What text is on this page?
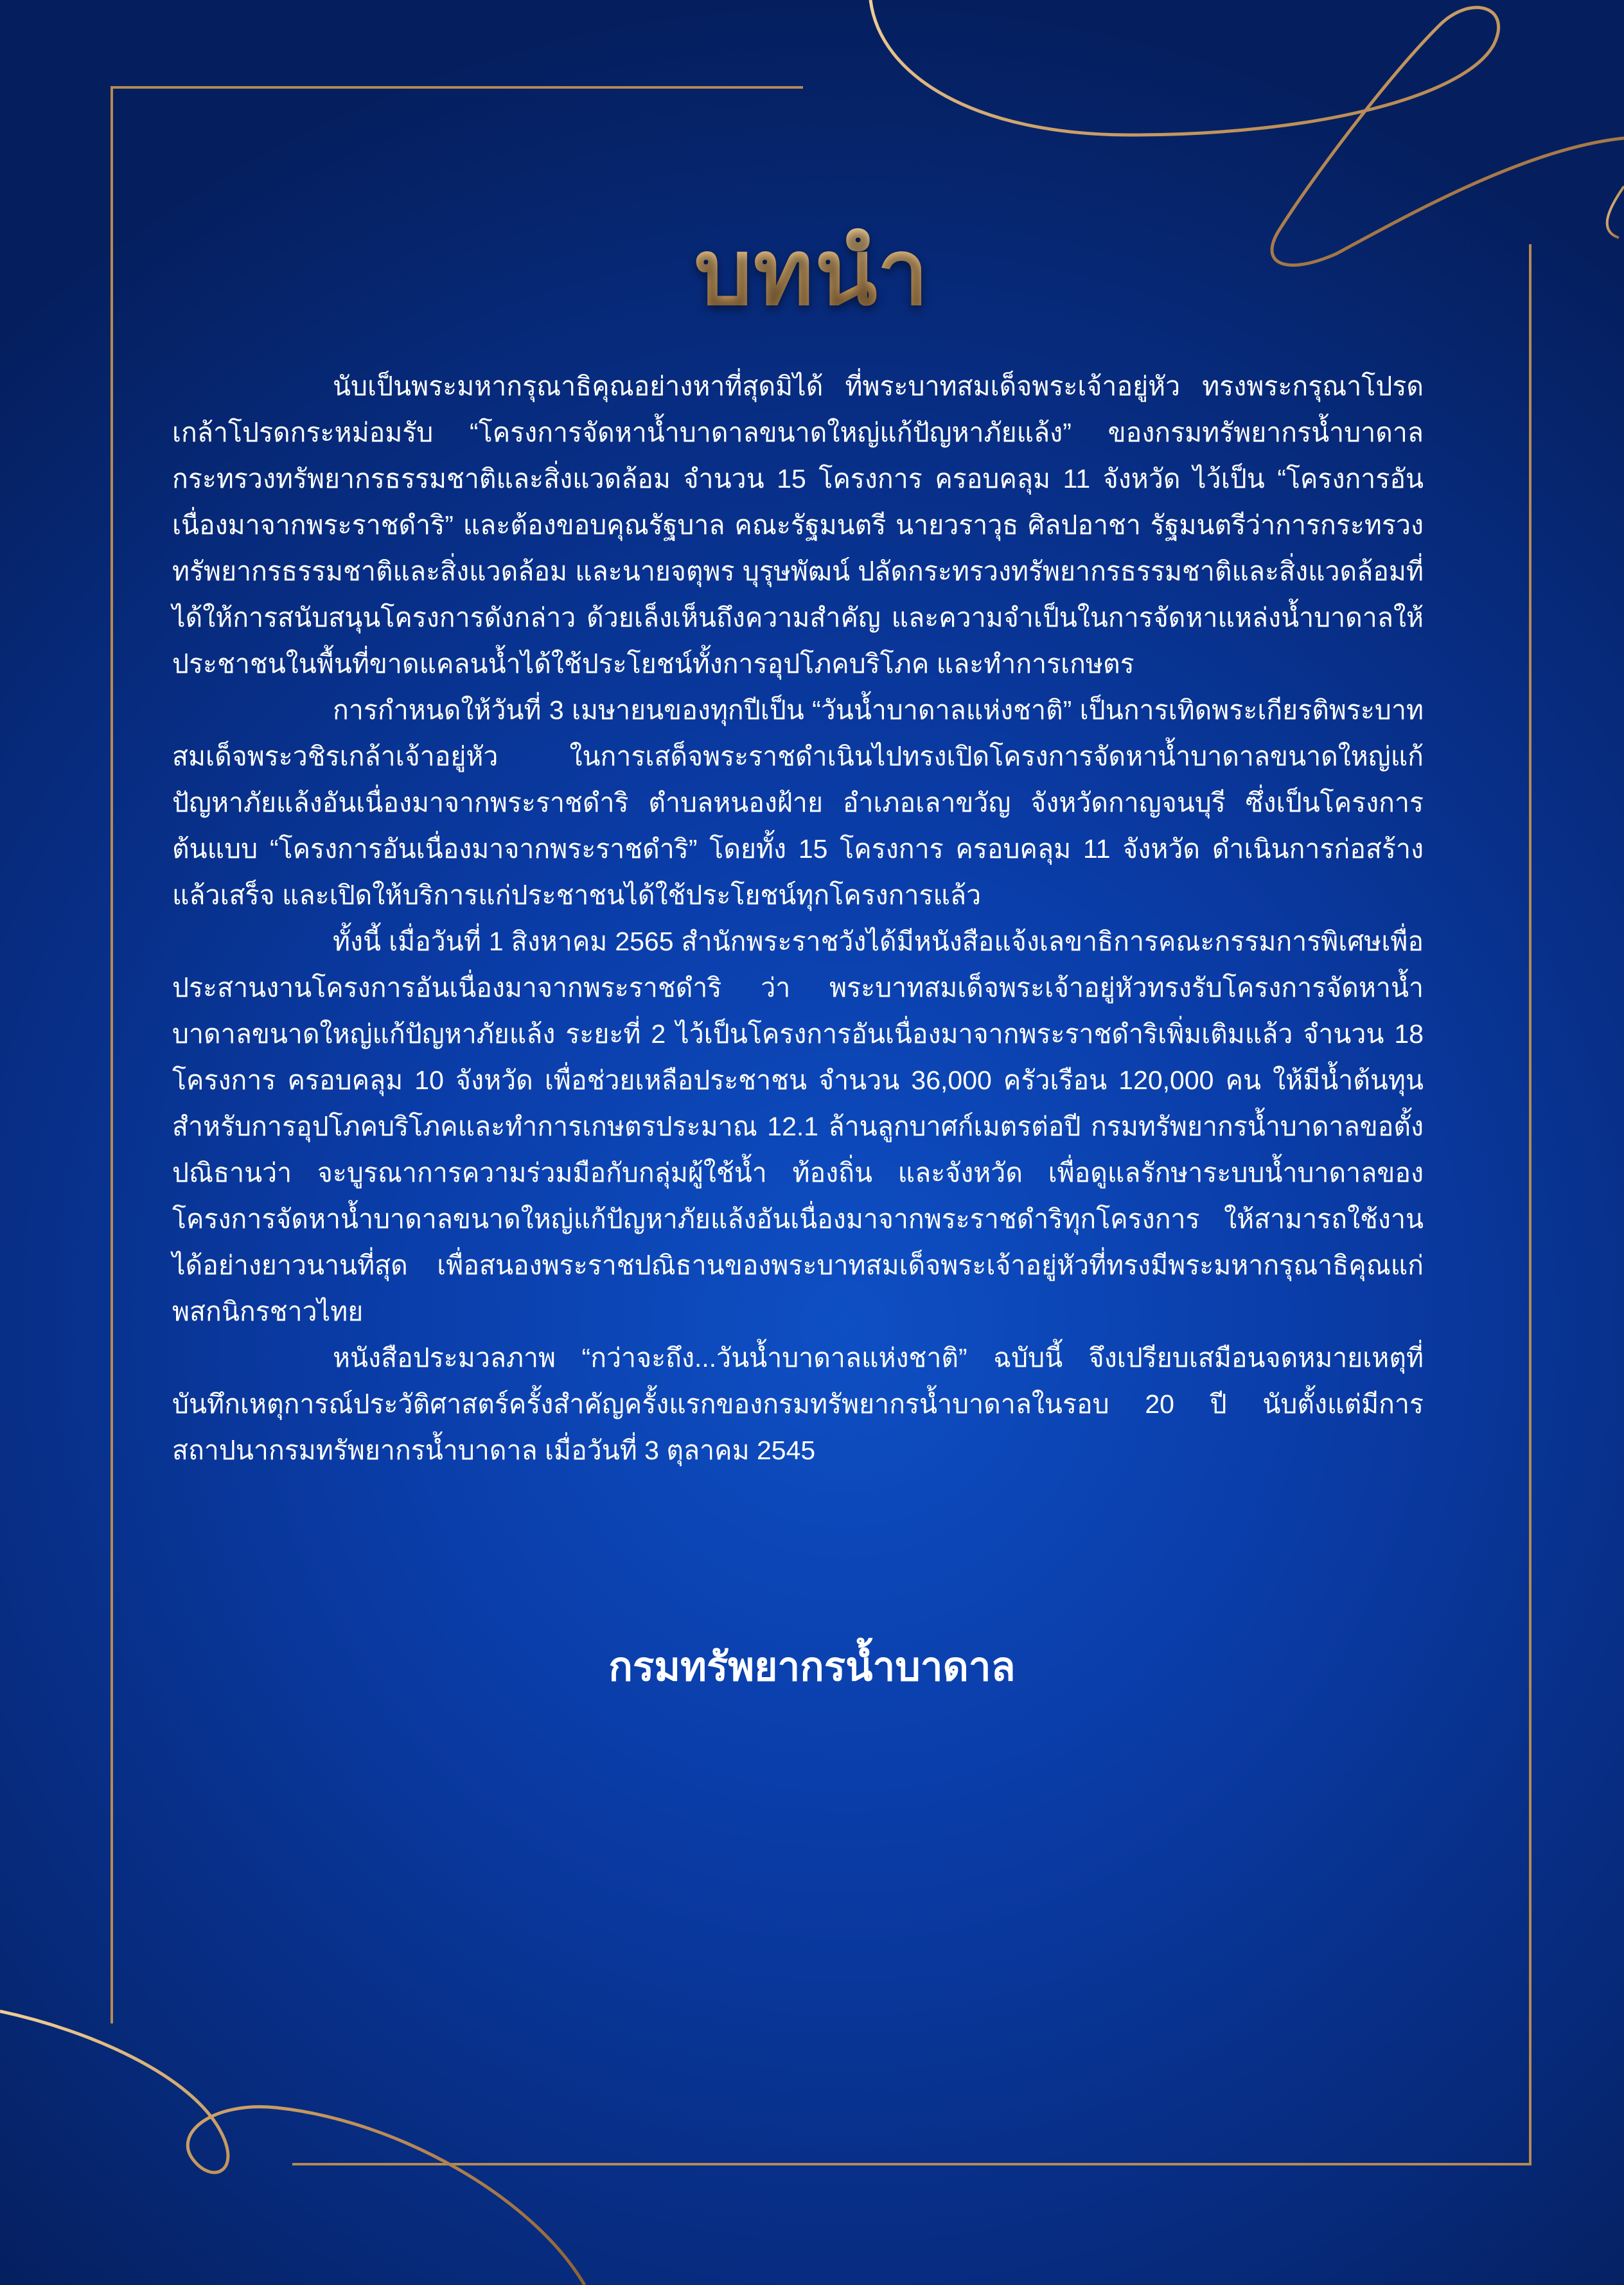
บทนำ

นับเป็นพระมหากรุณาธิคุณอย่างหาที่สุดมิได้ ที่พระบาทสมเด็จพระเจ้าอยู่หัว ทรงพระกรุณาโปรดเกล้าโปรดกระหม่อมรับ “โครงการจัดหาน้ำบาดาลขนาดใหญ่แก้ปัญหาภัยแล้ง” ของกรมทรัพยากรน้ำบาดาล กระทรวงทรัพยากรธรรมชาติและสิ่งแวดล้อม จำนวน 15 โครงการ ครอบคลุม 11 จังหวัด ไว้เป็น “โครงการอันเนื่องมาจากพระราชดำริ” และต้องขอบคุณรัฐบาล คณะรัฐมนตรี นายวราวุธ ศิลปอาชา รัฐมนตรีว่าการกระทรวงทรัพยากรธรรมชาติและสิ่งแวดล้อม และนายจตุพร บุรุษพัฒน์ ปลัดกระทรวงทรัพยากรธรรมชาติและสิ่งแวดล้อมที่ได้ให้การสนับสนุนโครงการดังกล่าว ด้วยเล็งเห็นถึงความสำคัญ และความจำเป็นในการจัดหาแหล่งน้ำบาดาลให้ประชาชนในพื้นที่ขาดแคลนน้ำได้ใช้ประโยชน์ทั้งการอุปโภคบริโภค และทำการเกษตร

การกำหนดให้วันที่ 3 เมษายนของทุกปีเป็น “วันน้ำบาดาลแห่งชาติ” เป็นการเทิดพระเกียรติพระบาทสมเด็จพระวชิรเกล้าเจ้าอยู่หัว ในการเสด็จพระราชดำเนินไปทรงเปิดโครงการจัดหาน้ำบาดาลขนาดใหญ่แก้ปัญหาภัยแล้งอันเนื่องมาจากพระราชดำริ ตำบลหนองฝ้าย อำเภอเลาขวัญ จังหวัดกาญจนบุรี ซึ่งเป็นโครงการต้นแบบ “โครงการอันเนื่องมาจากพระราชดำริ” โดยทั้ง 15 โครงการ ครอบคลุม 11 จังหวัด ดำเนินการก่อสร้างแล้วเสร็จ และเปิดให้บริการแก่ประชาชนได้ใช้ประโยชน์ทุกโครงการแล้ว

ทั้งนี้ เมื่อวันที่ 1 สิงหาคม 2565 สำนักพระราชวังได้มีหนังสือแจ้งเลขาธิการคณะกรรมการพิเศษเพื่อประสานงานโครงการอันเนื่องมาจากพระราชดำริ ว่า พระบาทสมเด็จพระเจ้าอยู่หัวทรงรับโครงการจัดหาน้ำบาดาลขนาดใหญ่แก้ปัญหาภัยแล้ง ระยะที่ 2 ไว้เป็นโครงการอันเนื่องมาจากพระราชดำริเพิ่มเติมแล้ว จำนวน 18 โครงการ ครอบคลุม 10 จังหวัด เพื่อช่วยเหลือประชาชน จำนวน 36,000 ครัวเรือน 120,000 คน ให้มีน้ำต้นทุนสำหรับการอุปโภคบริโภคและทำการเกษตรประมาณ 12.1 ล้านลูกบาศก์เมตรต่อปี กรมทรัพยากรน้ำบาดาลขอตั้งปณิธานว่า จะบูรณาการความร่วมมือกับกลุ่มผู้ใช้น้ำ ท้องถิ่น และจังหวัด เพื่อดูแลรักษาระบบน้ำบาดาลของโครงการจัดหาน้ำบาดาลขนาดใหญ่แก้ปัญหาภัยแล้งอันเนื่องมาจากพระราชดำริทุกโครงการ ให้สามารถใช้งานได้อย่างยาวนานที่สุด เพื่อสนองพระราชปณิธานของพระบาทสมเด็จพระเจ้าอยู่หัวที่ทรงมีพระมหากรุณาธิคุณแก่พสกนิกรชาวไทย

หนังสือประมวลภาพ “กว่าจะถึง...วันน้ำบาดาลแห่งชาติ” ฉบับนี้ จึงเปรียบเสมือนจดหมายเหตุที่บันทึกเหตุการณ์ประวัติศาสตร์ครั้งสำคัญครั้งแรกของกรมทรัพยากรน้ำบาดาลในรอบ 20 ปี นับตั้งแต่มีการสถาปนากรมทรัพยากรน้ำบาดาล เมื่อวันที่ 3 ตุลาคม 2545

กรมทรัพยากรน้ำบาดาล
